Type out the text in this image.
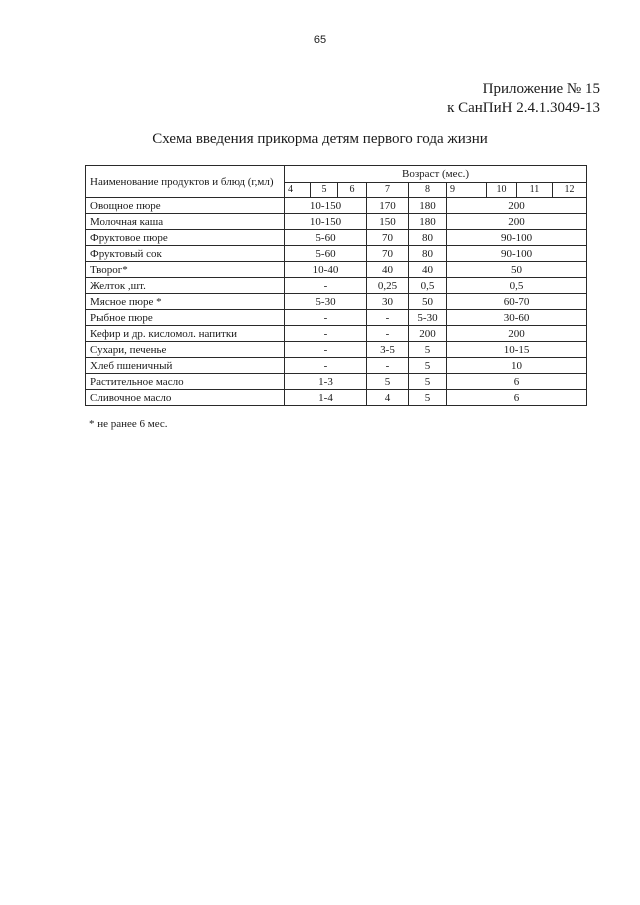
65
Приложение № 15
к СанПиН 2.4.1.3049-13
Схема введения прикорма детям первого года жизни
Наименование продуктов и блюд (г,мл)	Возраст (мес.)								
	4	5	6	7	8	9	10	11	12
Овощное пюре	10-150			170	180	200			
Молочная каша	10-150			150	180	200			
Фруктовое пюре	5-60			70	80	90-100			
Фруктовый сок	5-60			70	80	90-100			
Творог*	10-40			40	40	50			
Желток ,шт.	-			0,25	0,5	0,5			
Мясное пюре *	5-30			30	50	60-70			
Рыбное пюре	-			-	5-30	30-60			
Кефир и др. кисломол. напитки	-			-	200	200			
Сухари, печенье	-			3-5	5	10-15			
Хлеб пшеничный	-			-	5	10			
Растительное масло	1-3			5	5	6			
Сливочное масло	1-4			4	5	6			
* не ранее 6 мес.
